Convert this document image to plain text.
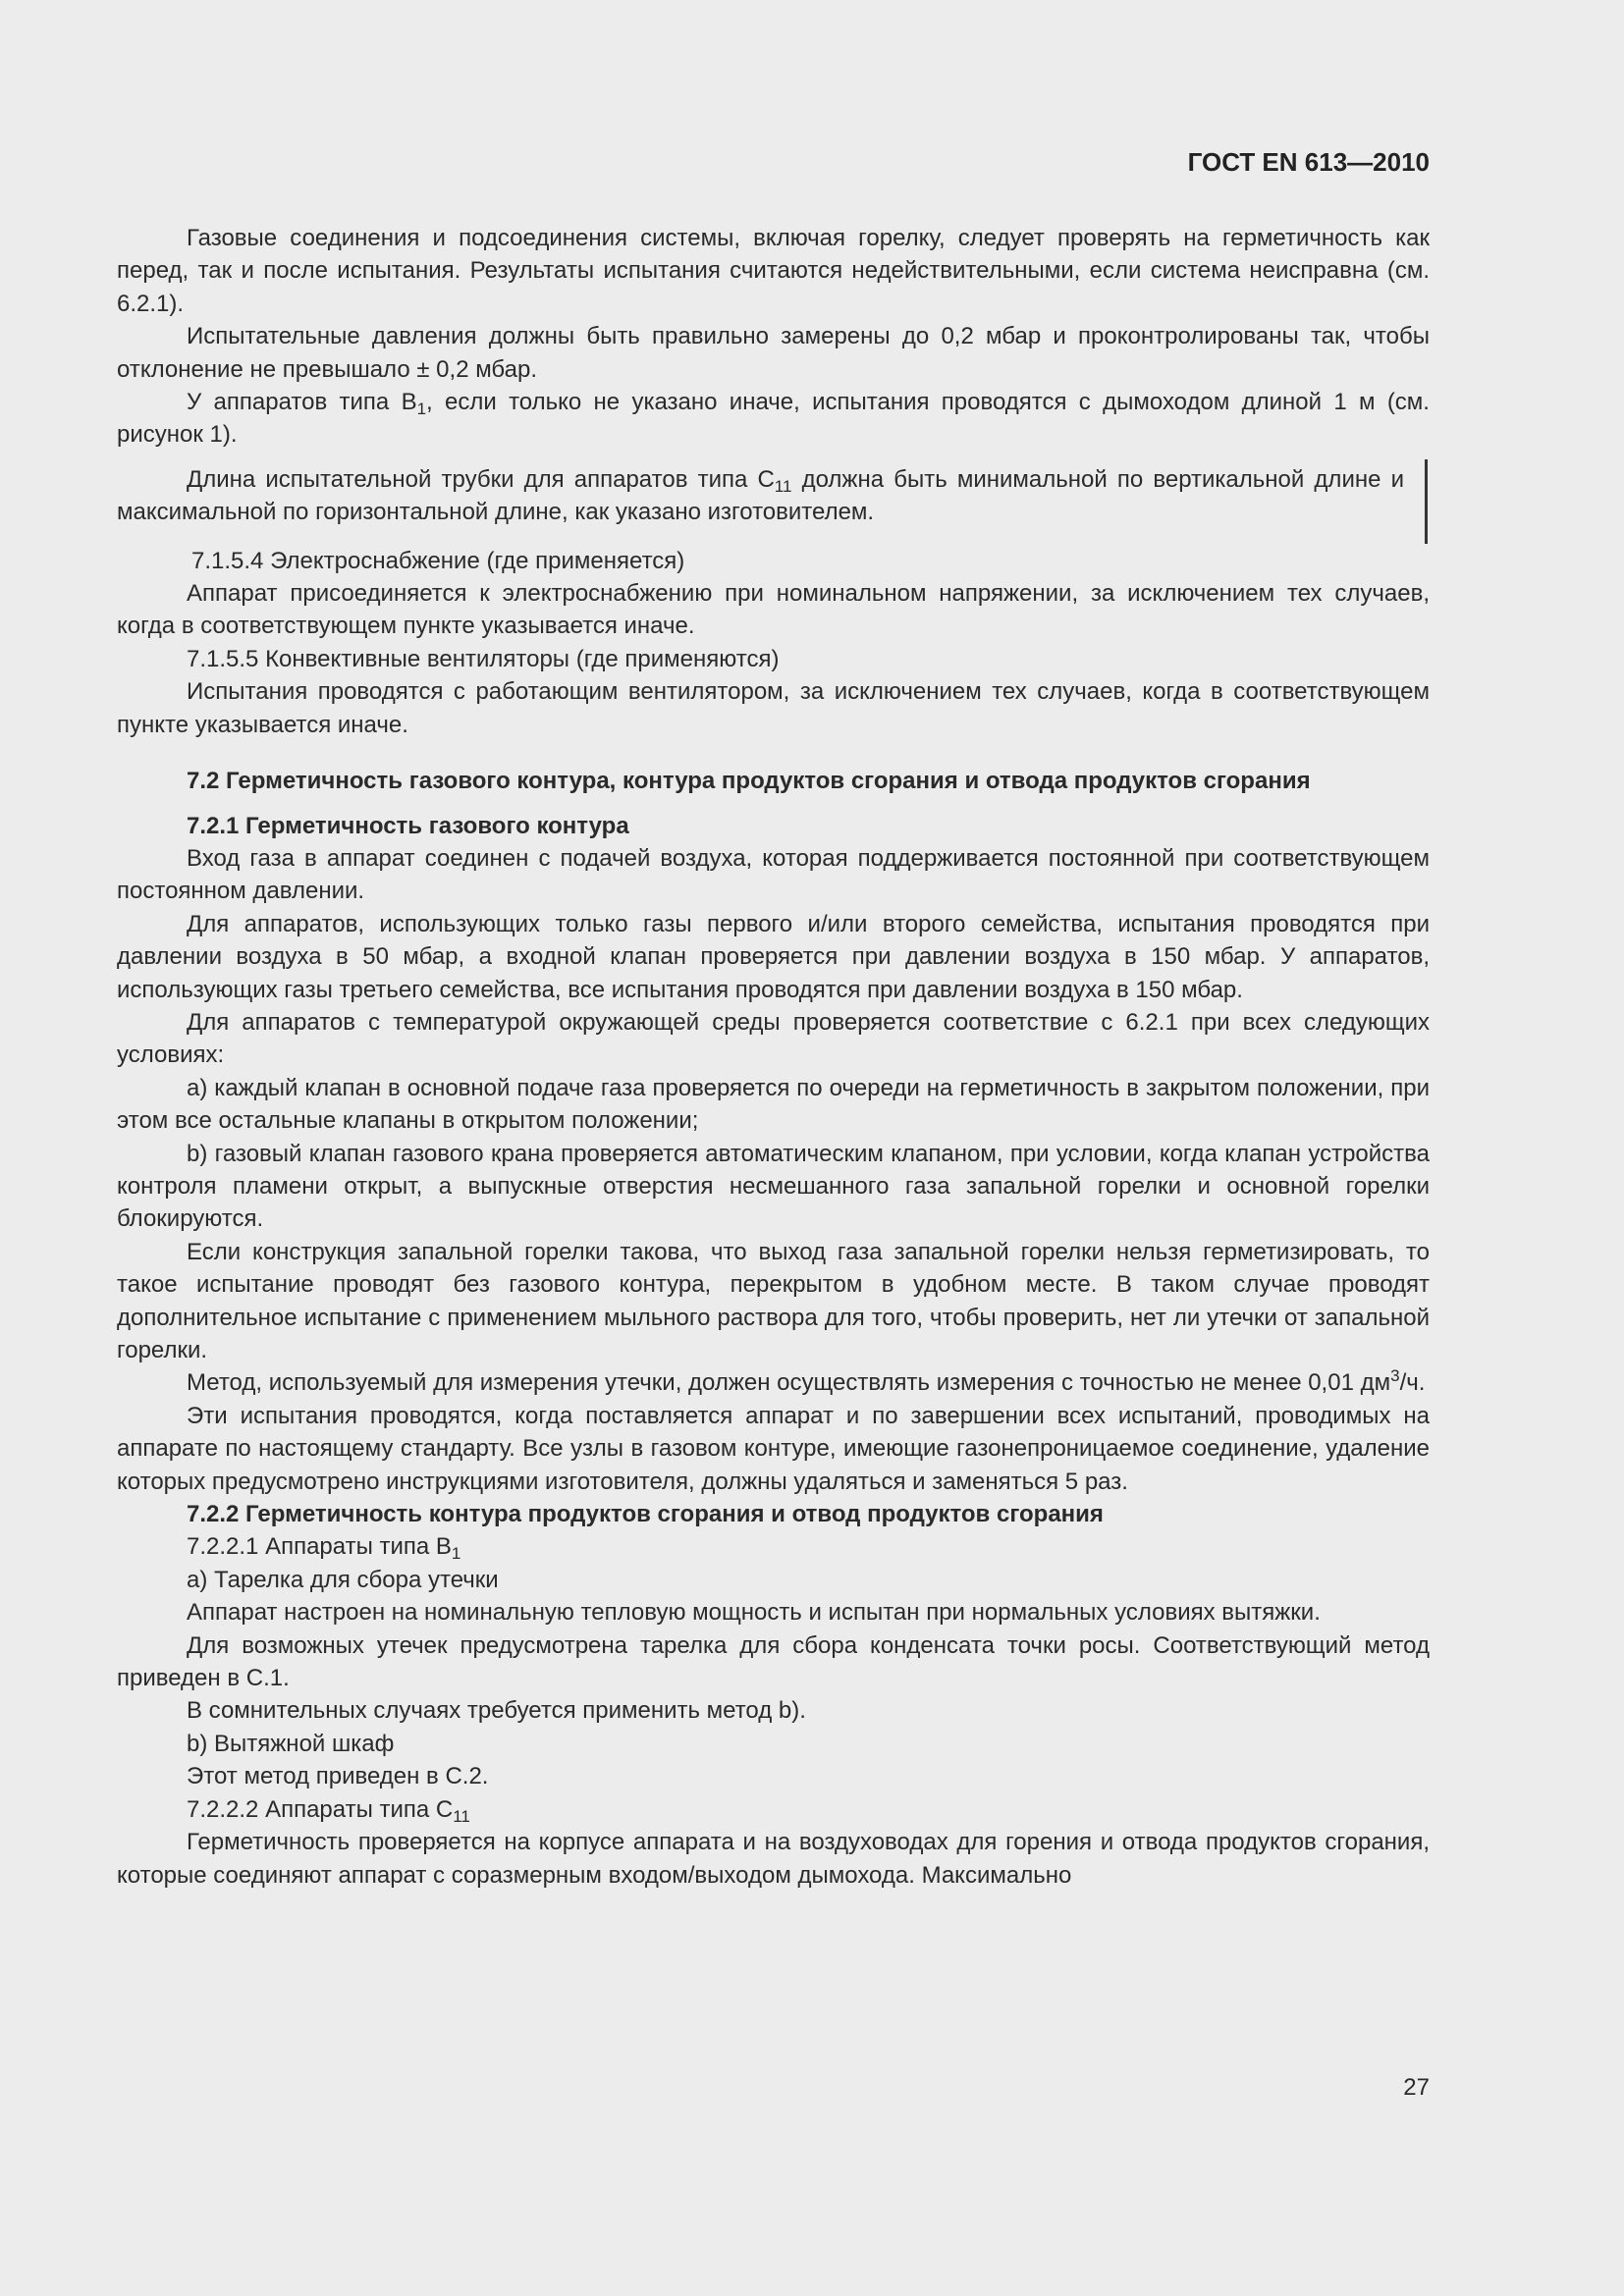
ГОСТ EN 613—2010

Газовые соединения и подсоединения системы, включая горелку, следует проверять на герметичность как перед, так и после испытания. Результаты испытания считаются недействительными, если система неисправна (см. 6.2.1).

Испытательные давления должны быть правильно замерены до 0,2 мбар и проконтролированы так, чтобы отклонение не превышало ± 0,2 мбар.

У аппаратов типа $В_1$, если только не указано иначе, испытания проводятся с дымоходом длиной 1 м (см. рисунок 1).

Длина испытательной трубки для аппаратов типа $С_{11}$ должна быть минимальной по вертикальной длине и максимальной по горизонтальной длине, как указано изготовителем.

7.1.5.4 Электроснабжение (где применяется)

Аппарат присоединяется к электроснабжению при номинальном напряжении, за исключением тех случаев, когда в соответствующем пункте указывается иначе.

7.1.5.5 Конвективные вентиляторы (где применяются)

Испытания проводятся с работающим вентилятором, за исключением тех случаев, когда в соответствующем пункте указывается иначе.

7.2 Герметичность газового контура, контура продуктов сгорания и отвода продуктов сгорания

7.2.1 Герметичность газового контура

Вход газа в аппарат соединен с подачей воздуха, которая поддерживается постоянной при соответствующем постоянном давлении.

Для аппаратов, использующих только газы первого и/или второго семейства, испытания проводятся при давлении воздуха в 50 мбар, а входной клапан проверяется при давлении воздуха в 150 мбар. У аппаратов, использующих газы третьего семейства, все испытания проводятся при давлении воздуха в 150 мбар.

Для аппаратов с температурой окружающей среды проверяется соответствие с 6.2.1 при всех следующих условиях:

а) каждый клапан в основной подаче газа проверяется по очереди на герметичность в закрытом положении, при этом все остальные клапаны в открытом положении;

b) газовый клапан газового крана проверяется автоматическим клапаном, при условии, когда клапан устройства контроля пламени открыт, а выпускные отверстия несмешанного газа запальной горелки и основной горелки блокируются.

Если конструкция запальной горелки такова, что выход газа запальной горелки нельзя герметизировать, то такое испытание проводят без газового контура, перекрытом в удобном месте. В таком случае проводят дополнительное испытание с применением мыльного раствора для того, чтобы проверить, нет ли утечки от запальной горелки.

Метод, используемый для измерения утечки, должен осуществлять измерения с точностью не менее 0,01 $дм^3/ч$.

Эти испытания проводятся, когда поставляется аппарат и по завершении всех испытаний, проводимых на аппарате по настоящему стандарту. Все узлы в газовом контуре, имеющие газонепроницаемое соединение, удаление которых предусмотрено инструкциями изготовителя, должны удаляться и заменяться 5 раз.

7.2.2 Герметичность контура продуктов сгорания и отвод продуктов сгорания

7.2.2.1 Аппараты типа $В_1$

а) Тарелка для сбора утечки

Аппарат настроен на номинальную тепловую мощность и испытан при нормальных условиях вытяжки.

Для возможных утечек предусмотрена тарелка для сбора конденсата точки росы. Соответствующий метод приведен в С.1.

В сомнительных случаях требуется применить метод b).

b) Вытяжной шкаф

Этот метод приведен в С.2.

7.2.2.2 Аппараты типа $С_{11}$

Герметичность проверяется на корпусе аппарата и на воздуховодах для горения и отвода продуктов сгорания, которые соединяют аппарат с соразмерным входом/выходом дымохода. Максимально

27
